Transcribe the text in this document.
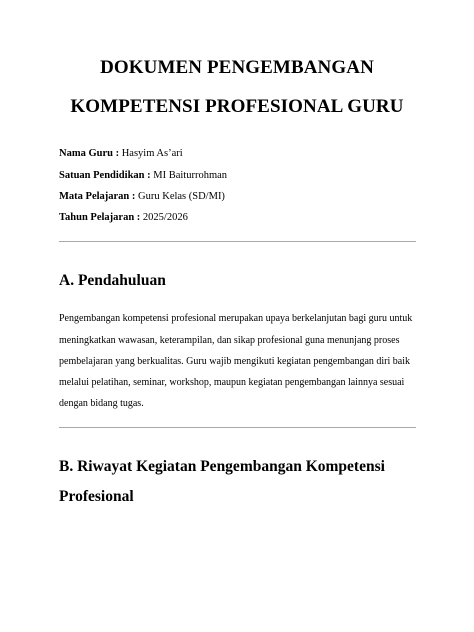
DOKUMEN PENGEMBANGAN
KOMPETENSI PROFESIONAL GURU
Nama Guru : Hasyim As’ari
Satuan Pendidikan : MI Baiturrohman
Mata Pelajaran : Guru Kelas (SD/MI)
Tahun Pelajaran : 2025/2026
A. Pendahuluan
Pengembangan kompetensi profesional merupakan upaya berkelanjutan bagi guru untuk
meningkatkan wawasan, keterampilan, dan sikap profesional guna menunjang proses
pembelajaran yang berkualitas. Guru wajib mengikuti kegiatan pengembangan diri baik
melalui pelatihan, seminar, workshop, maupun kegiatan pengembangan lainnya sesuai
dengan bidang tugas.
B. Riwayat Kegiatan Pengembangan Kompetensi
Profesional
